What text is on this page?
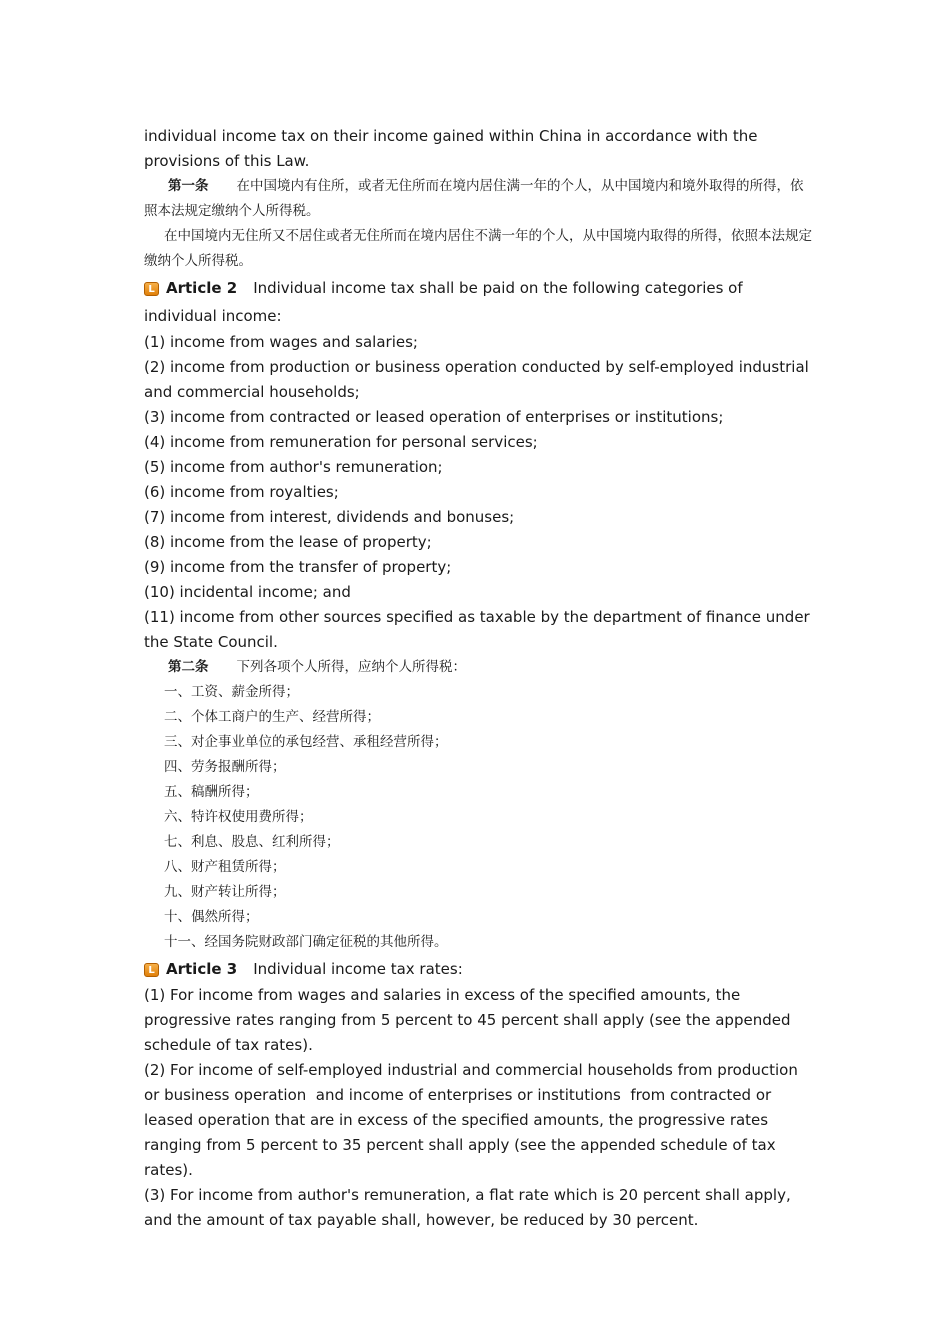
individual income tax on their income gained within China in accordance with the provisions of this Law.

第一条 在中国境内有住所，或者无住所而在境内居住满一年的个人，从中国境内和境外取得的所得，依照本法规定缴纳个人所得税。

在中国境内无住所又不居住或者无住所而在境内居住不满一年的个人，从中国境内取得的所得，依照本法规定缴纳个人所得税。

L Article 2 Individual income tax shall be paid on the following categories of individual income:

(1) income from wages and salaries;

(2) income from production or business operation conducted by self-employed industrial and commercial households;

(3) income from contracted or leased operation of enterprises or institutions;

(4) income from remuneration for personal services;

(5) income from author's remuneration;

(6) income from royalties;

(7) income from interest, dividends and bonuses;

(8) income from the lease of property;

(9) income from the transfer of property;

(10) incidental income; and

(11) income from other sources specified as taxable by the department of finance under the State Council.

第二条 下列各项个人所得，应纳个人所得税：

一、工资、薪金所得；

二、个体工商户的生产、经营所得；

三、对企事业单位的承包经营、承租经营所得；

四、劳务报酬所得；

五、稿酬所得；

六、特许权使用费所得；

七、利息、股息、红利所得；

八、财产租赁所得；

九、财产转让所得；

十、偶然所得；

十一、经国务院财政部门确定征税的其他所得。

L Article 3 Individual income tax rates:

(1) For income from wages and salaries in excess of the specified amounts, the progressive rates ranging from 5 percent to 45 percent shall apply (see the appended schedule of tax rates).

(2) For income of self-employed industrial and commercial households from production or business operation  and income of enterprises or institutions  from contracted or leased operation that are in excess of the specified amounts, the progressive rates ranging from 5 percent to 35 percent shall apply (see the appended schedule of tax rates).

(3) For income from author's remuneration, a flat rate which is 20 percent shall apply, and the amount of tax payable shall, however, be reduced by 30 percent.
